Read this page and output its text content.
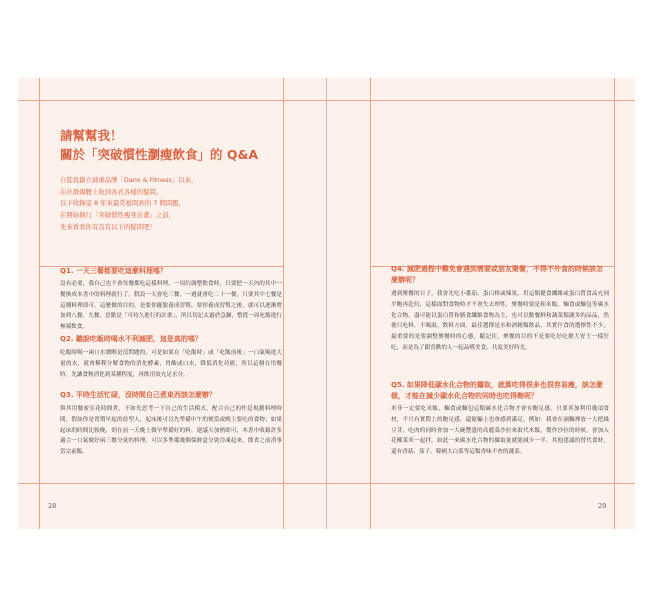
請幫幫我！
關於「突破慣性瀏瘦飲食」的 Q&A
自從我創立減重品牌「Dano & Fitness」以來，
在社群媒體上收到各式各樣的疑問。
以下收錄這 8 年來最常被問到的 7 個問題，
在開始執行「突破慣性瘦身計畫」之前，
先來看看你有沒有以下的疑問吧！
Q1. 一天三餐都要吃這麼料理嗎？
沒有必要，我自己也不會每餐都吃這樣料理，一周約調整飲食時，只要把一天內的其中一餐換成本書中的料理就行了。假設一天會吃三餐，一週就會吃二十一餐，只要其中七餐是這種料理即可。這麼做的目的，是要你擺脫養成習慣，要你養成習慣之後，就可以逐漸增加到八餐、九餐，意點是「可持久進行的計畫」，所以切記太過於急躁，整從一周吃飯進行極端飲食。
Q2. 聽說吃飯時喝水不利減肥，這是真的嗎？
吃飯時喝一兩口水潤喉是沒問題的，可是如果在「吃飯時」或「吃飯前後」一口氣喝進大量的水，就會稀釋分解食物的消化酵素，胃酸或口水，降低消化功能，所以這個在用餐時，先讓食物消化到某種程度，再飲用效充足水分。
Q3. 平時生活忙碌，沒時間自己煮東西該怎麼辦？
與其用餐密室花時間煮，不如先思考一下自己的生活模式，配合自己的作息規劃料理時間，假如你是習慣早起的晨型人，起床後可以先準備中午的便當或晚上要吃的食物；如果起床的時間比較晚，則在前一天晚上做早準備好的料，建議天加熱即可，本書中收錄許多適合一口氣做好兩三餐分量的料理，可以多準備幾個保鮮盒分裝冷凍起來，節省之前消事當宗前飯。
28
Q4. 減肥過程中難免會遇到需要或朋友聚餐，不得不外食的時候該怎麼辦呢？
遇到聚餐的日子，我會先吃小番茄、蛋白棒或辣果，用這類健食纖維或蛋白質食品充到平飽再赴約，這樣面對食物時才不會失去理性，聚餐時要是和米飯、麵食或麵包等碳水化合物，盡可能以蛋白質和膳食纖維食物為主，也可以點餐鮮和蔬菜類蔬多的品品，然後只吃料，不喝湯。飲料方面，最佳選擇是水和酒精類飲品，其實什食的選擇性不少，最重要的是要調整聚餐時的心態，隨記住，聚餐的目的不是要吃好吃撐大胃王一樣狂吃，而是為了跟喜歡的人一起品嚐美食，共度美好時光。
Q5. 如果降低碳水化合物的攝取，就算吃得很多也很容易瘦，該怎麼做，才能在減少碳水化合物的同時也吃得飽呢？
米菲一定要吃米飯、麵食或麵包這類碳水化合物才會有飽足感，只要善加利用幾項食材，不只有實際上的飽足感，還能騙上也會感到滿足，例如：我會在滷麵裡放一大把綠豆芽，吃肉的同時會加一大碗豐盛的高麗菜沙拉來取代米飯，製作沙拉的時候，會加入花椰菜米一起拌，如此一來碳水化合物的攝取量就能減少一半，其他建議的替代食材，還有香菇、茄子、韓國大白菜等這類香味不查的蔬菜。
29
